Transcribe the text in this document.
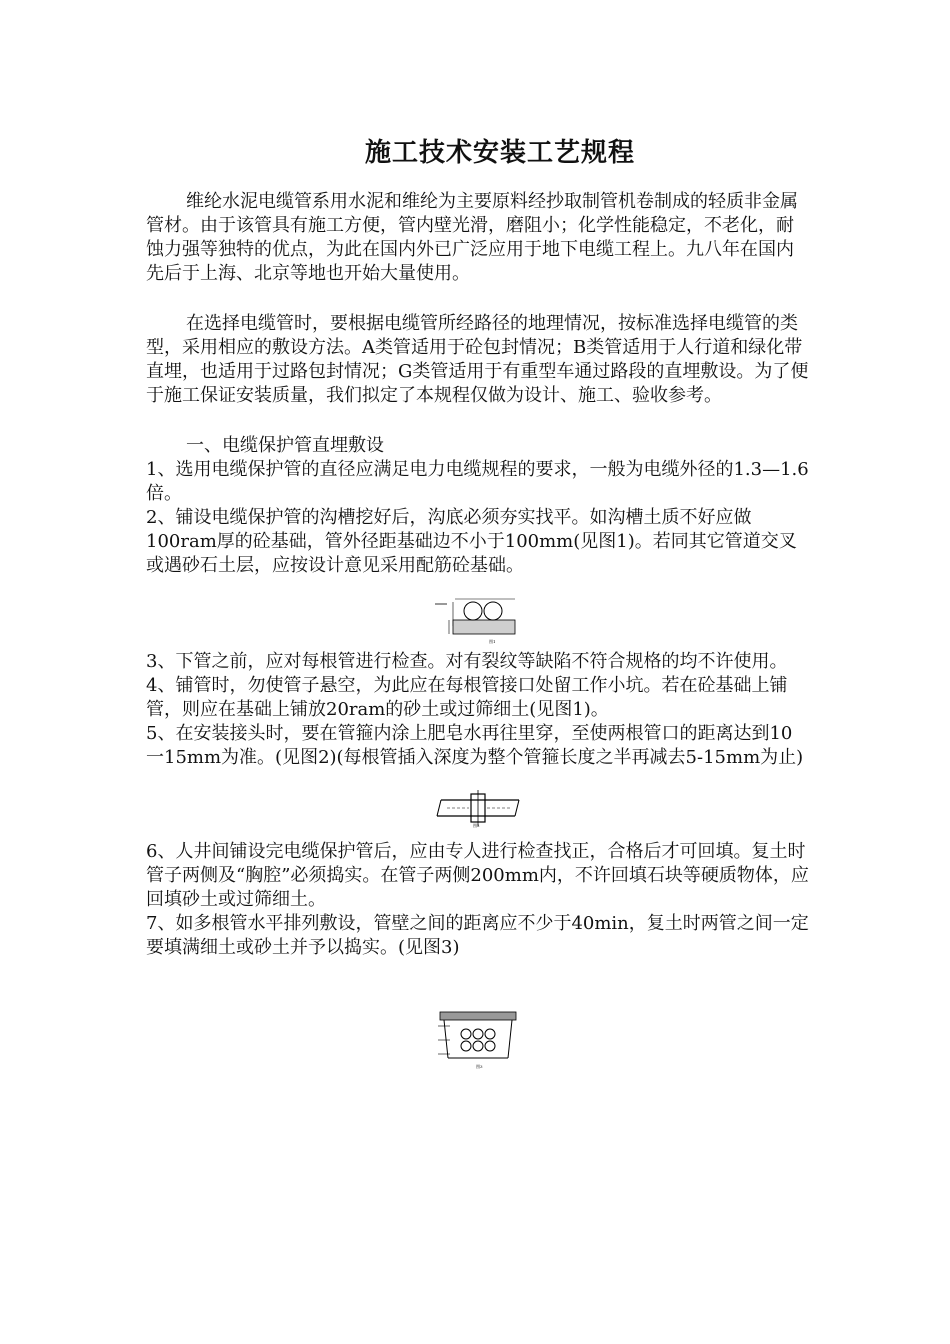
施工技术安装工艺规程

维纶水泥电缆管系用水泥和维纶为主要原料经抄取制管机卷制成的轻质非金属管材。由于该管具有施工方便，管内壁光滑，磨阻小；化学性能稳定，不老化，耐蚀力强等独特的优点，为此在国内外已广泛应用于地下电缆工程上。九八年在国内先后于上海、北京等地也开始大量使用。

在选择电缆管时，要根据电缆管所经路径的地理情况，按标准选择电缆管的类型，采用相应的敷设方法。A类管适用于砼包封情况；B类管适用于人行道和绿化带直埋，也适用于过路包封情况；G类管适用于有重型车通过路段的直埋敷设。为了便于施工保证安装质量，我们拟定了本规程仅做为设计、施工、验收参考。

一、电缆保护管直埋敷设

1、选用电缆保护管的直径应满足电力电缆规程的要求，一般为电缆外径的1.3—1.6倍。

2、铺设电缆保护管的沟槽挖好后，沟底必须夯实找平。如沟槽土质不好应做100ram厚的砼基础，管外径距基础边不小于100mm(见图1)。若同其它管道交叉或遇砂石土层，应按设计意见采用配筋砼基础。

图1

3、下管之前，应对每根管进行检查。对有裂纹等缺陷不符合规格的均不许使用。

4、铺管时，勿使管子悬空，为此应在每根管接口处留工作小坑。若在砼基础上铺管，则应在基础上铺放20ram的砂土或过筛细土(见图1)。

5、在安装接头时，要在管箍内涂上肥皂水再往里穿，至使两根管口的距离达到10一15mm为准。(见图2)(每根管插入深度为整个管箍长度之半再减去5-15mm为止)

图2

6、人井间铺设完电缆保护管后，应由专人进行检查找正，合格后才可回填。复土时管子两侧及“胸腔”必须捣实。在管子两侧200mm内，不许回填石块等硬质物体，应回填砂土或过筛细土。

7、如多根管水平排列敷设，管壁之间的距离应不少于40min，复土时两管之间一定要填满细土或砂土并予以捣实。(见图3)

图3
